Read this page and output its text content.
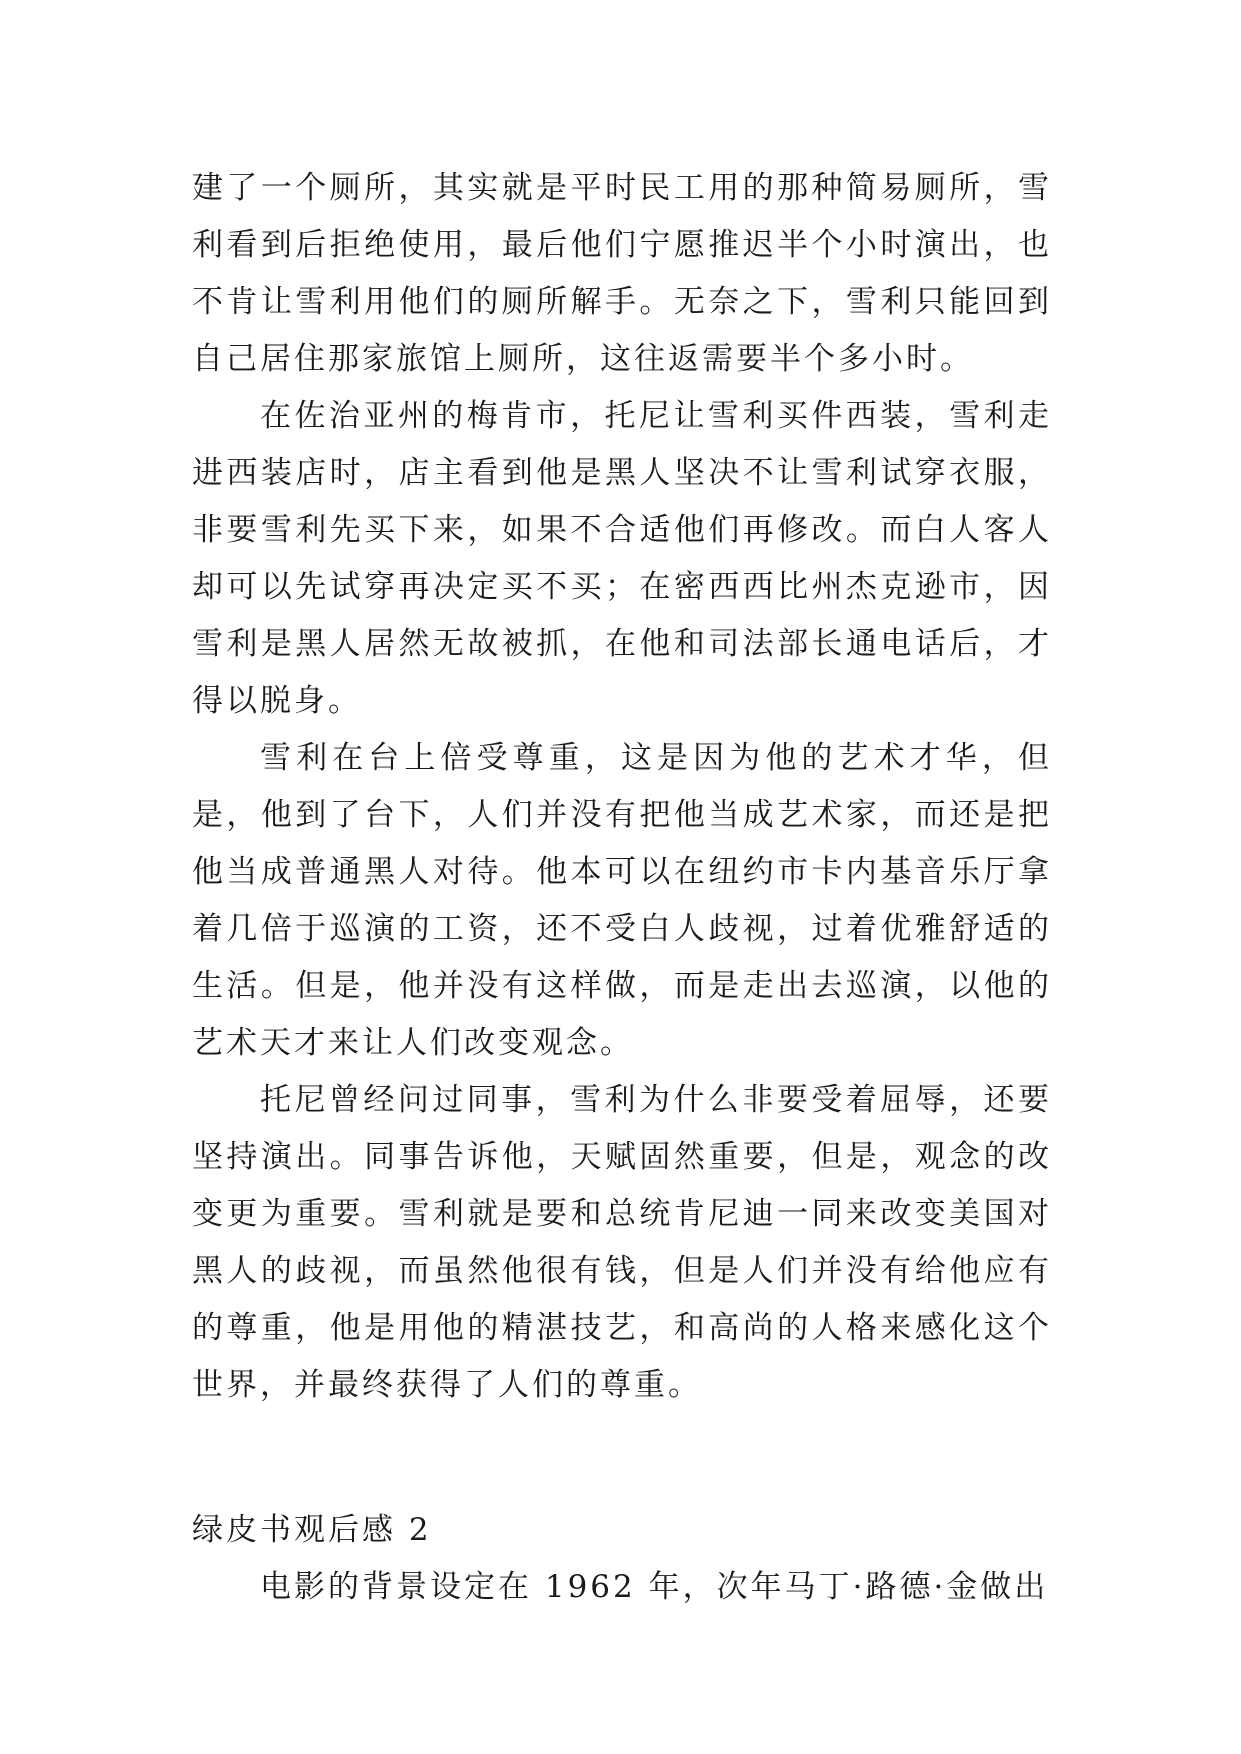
建了一个厕所，其实就是平时民工用的那种简易厕所，雪利看到后拒绝使用，最后他们宁愿推迟半个小时演出，也不肯让雪利用他们的厕所解手。无奈之下，雪利只能回到自己居住那家旅馆上厕所，这往返需要半个多小时。

在佐治亚州的梅肯市，托尼让雪利买件西装，雪利走进西装店时，店主看到他是黑人坚决不让雪利试穿衣服，非要雪利先买下来，如果不合适他们再修改。而白人客人却可以先试穿再决定买不买；在密西西比州杰克逊市，因雪利是黑人居然无故被抓，在他和司法部长通电话后，才得以脱身。

雪利在台上倍受尊重，这是因为他的艺术才华，但是，他到了台下，人们并没有把他当成艺术家，而还是把他当成普通黑人对待。他本可以在纽约市卡内基音乐厅拿着几倍于巡演的工资，还不受白人歧视，过着优雅舒适的生活。但是，他并没有这样做，而是走出去巡演，以他的艺术天才来让人们改变观念。

托尼曾经问过同事，雪利为什么非要受着屈辱，还要坚持演出。同事告诉他，天赋固然重要，但是，观念的改变更为重要。雪利就是要和总统肯尼迪一同来改变美国对黑人的歧视，而虽然他很有钱，但是人们并没有给他应有的尊重，他是用他的精湛技艺，和高尚的人格来感化这个世界，并最终获得了人们的尊重。

绿皮书观后感 2

电影的背景设定在 1962 年，次年马丁·路德·金做出
